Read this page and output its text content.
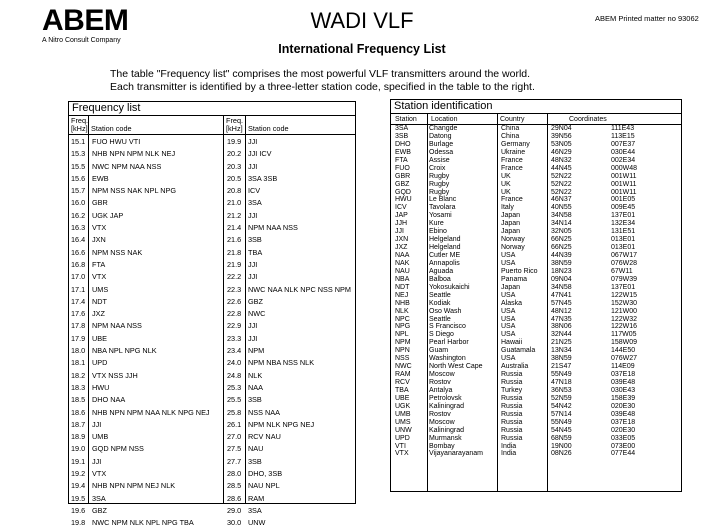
ABEM
A Nitro Consult Company
WADI VLF	ABEM Printed matter no 93062
International Frequency List
The table "Frequency list" comprises the most powerful VLF transmitters around the world.
Each transmitter is identified by a three-letter station code, specified in the table to the right.
Frequency list
Freq.
[kHz] Station code
Freq.
[kHz] Station code
15.1 FUO HWU VTI
15.3 NHB NPN NPM NLK NEJ
15.5 NWC NPM NAA NSS
15.6 EWB
15.7 NPM NSS NAK NPL NPG
16.0 GBR
16.2 UGK JAP
16.3 VTX
16.4 JXN
16.6 NPM NSS NAK
16.8 FTA
17.0 VTX
17.1 UMS
17.4 NDT
17.6 JXZ
17.8 NPM NAA NSS
17.9 UBE
18.0 NBA NPL NPG NLK
18.1 UPD
18.2 VTX NSS JJH
18.3 HWU
18.5 DHO NAA
18.6 NHB NPN NPM NAA NLK NPG NEJ
18.7 JJI
18.9 UMB
19.0 GQD NPM NSS
19.1 JJI
19.2 VTX
19.4 NHB NPN NPM NEJ NLK
19.5 3SA
19.6 GBZ
19.8 NWC NPM NLK NPL NPG TBA
19.9 JJI
20.2 JJI ICV
20.3 JJI
20.5 3SA 3SB
20.8 ICV
21.0 3SA
21.2 JJI
21.4 NPM NAA NSS
21.6 3SB
21.8 TBA
21.9 JJI
22.2 JJI
22.3 NWC NAA NLK NPC NSS NPM
22.6 GBZ
22.8 NWC
22.9 JJI
23.3 JJI
23.4 NPM
24.0 NPM NBA NSS NLK
24.8 NLK
25.3 NAA
25.5 3SB
25.8 NSS NAA
26.1 NPM NLK NPG NEJ
27.0 RCV NAU
27.5 NAU
27.7 3SB
28.0 DHO, 3SB
28.5 NAU NPL
28.6 RAM
29.0 3SA
30.0 UNW
Station identification
Station Location	Country	Coordinates
3SA	Changde	China	29N04	111E43
3SB	Datong	China	39N56	113E15
DHO	Burlage	Germany	53N05	007E37
EWB	Odessa	Ukraine	46N29	030E44
FTA	Assise	France	48N32	002E34
FUO	Croix	France	44N45	000W48
GBR	Rugby	UK	52N22	001W11
GBZ	Rugby	UK	52N22	001W11
GQD	Rugby	UK	52N22	001W11
HWU Le Blanc	France	46N37	001E05
ICV	Tavolara	Italy	40N55	009E45
JAP	Yosami	Japan	34N58	137E01
JJH	Kure	Japan	34N14	132E34
JJI	Ebino	Japan	32N05	131E51
JXN	Helgeland	Norway	66N25	013E01
JXZ	Helgeland	Norway	66N25	013E01
NAA	Cutler ME	USA	44N39	067W17
NAK	Annapolis	USA	38N59	076W28
NAU	Aguada	Puerto Rico 18N23	67W11
NBA	Balboa	Panama	09N04	079W39
NDT	Yokosukaichi	Japan	34N58	137E01
NEJ	Seattle	USA	47N41	122W15
NHB	Kodiak	Alaska	57N45	152W30
NLK	Oso Wash	USA	48N12	121W00
NPC	Seattle	USA	47N35	122W32
NPG	S Francisco	USA	38N06	122W16
NPL	S Diego	USA	32N44	117W05
NPM	Pearl Harbor	Hawaii	21N25	158W09
NPN	Guam	Guatamala 13N34	144E50
NSS	Washington	USA	38N59	076W27
NWC North West Cape	Australia	21S47	114E09
RAM	Moscow	Russia	55N49	037E18
RCV	Rostov	Russia	47N18	039E48
TBA	Antalya	Turkey	36N53	030E43
UBE	Petrolovsk	Russia	52N59	158E39
UGK	Kaliningrad	Russia	54N42	020E30
UMB	Rostov	Russia	57N14	039E48
UMS	Moscow	Russia	55N49	037E18
UNW Kaliningrad	Russia	54N45	020E30
UPD	Murmansk	Russia	68N59	033E05
VTI	Bombay	India	19N00	073E00
VTX	Vijayanarayanam	India	08N26	077E44
